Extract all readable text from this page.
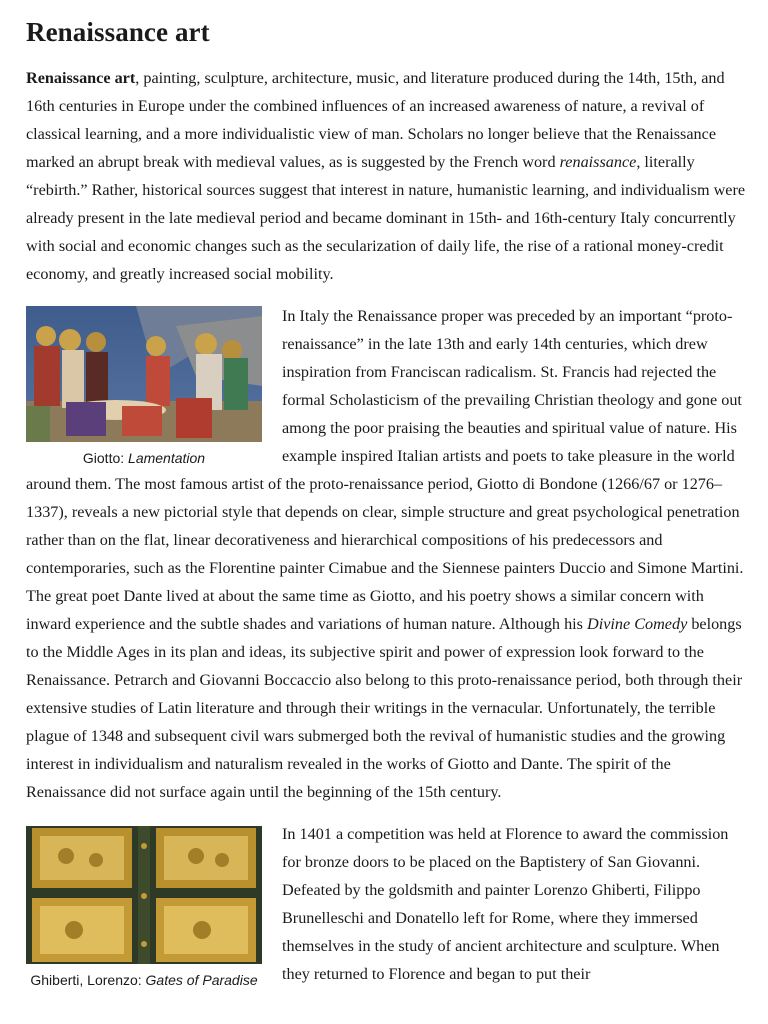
Renaissance art

Renaissance art, painting, sculpture, architecture, music, and literature produced during the 14th, 15th, and 16th centuries in Europe under the combined influences of an increased awareness of nature, a revival of classical learning, and a more individualistic view of man. Scholars no longer believe that the Renaissance marked an abrupt break with medieval values, as is suggested by the French word renaissance, literally “rebirth.” Rather, historical sources suggest that interest in nature, humanistic learning, and individualism were already present in the late medieval period and became dominant in 15th- and 16th-century Italy concurrently with social and economic changes such as the secularization of daily life, the rise of a rational money-credit economy, and greatly increased social mobility.

Giotto: Lamentation

In Italy the Renaissance proper was preceded by an important “proto-renaissance” in the late 13th and early 14th centuries, which drew inspiration from Franciscan radicalism. St. Francis had rejected the formal Scholasticism of the prevailing Christian theology and gone out among the poor praising the beauties and spiritual value of nature. His example inspired Italian artists and poets to take pleasure in the world around them. The most famous artist of the proto-renaissance period, Giotto di Bondone (1266/67 or 1276–1337), reveals a new pictorial style that depends on clear, simple structure and great psychological penetration rather than on the flat, linear decorativeness and hierarchical compositions of his predecessors and contemporaries, such as the Florentine painter Cimabue and the Siennese painters Duccio and Simone Martini. The great poet Dante lived at about the same time as Giotto, and his poetry shows a similar concern with inward experience and the subtle shades and variations of human nature. Although his Divine Comedy belongs to the Middle Ages in its plan and ideas, its subjective spirit and power of expression look forward to the Renaissance. Petrarch and Giovanni Boccaccio also belong to this proto-renaissance period, both through their extensive studies of Latin literature and through their writings in the vernacular. Unfortunately, the terrible plague of 1348 and subsequent civil wars submerged both the revival of humanistic studies and the growing interest in individualism and naturalism revealed in the works of Giotto and Dante. The spirit of the Renaissance did not surface again until the beginning of the 15th century.

Ghiberti, Lorenzo: Gates of Paradise

In 1401 a competition was held at Florence to award the commission for bronze doors to be placed on the Baptistery of San Giovanni. Defeated by the goldsmith and painter Lorenzo Ghiberti, Filippo Brunelleschi and Donatello left for Rome, where they immersed themselves in the study of ancient architecture and sculpture. When they returned to Florence and began to put their
